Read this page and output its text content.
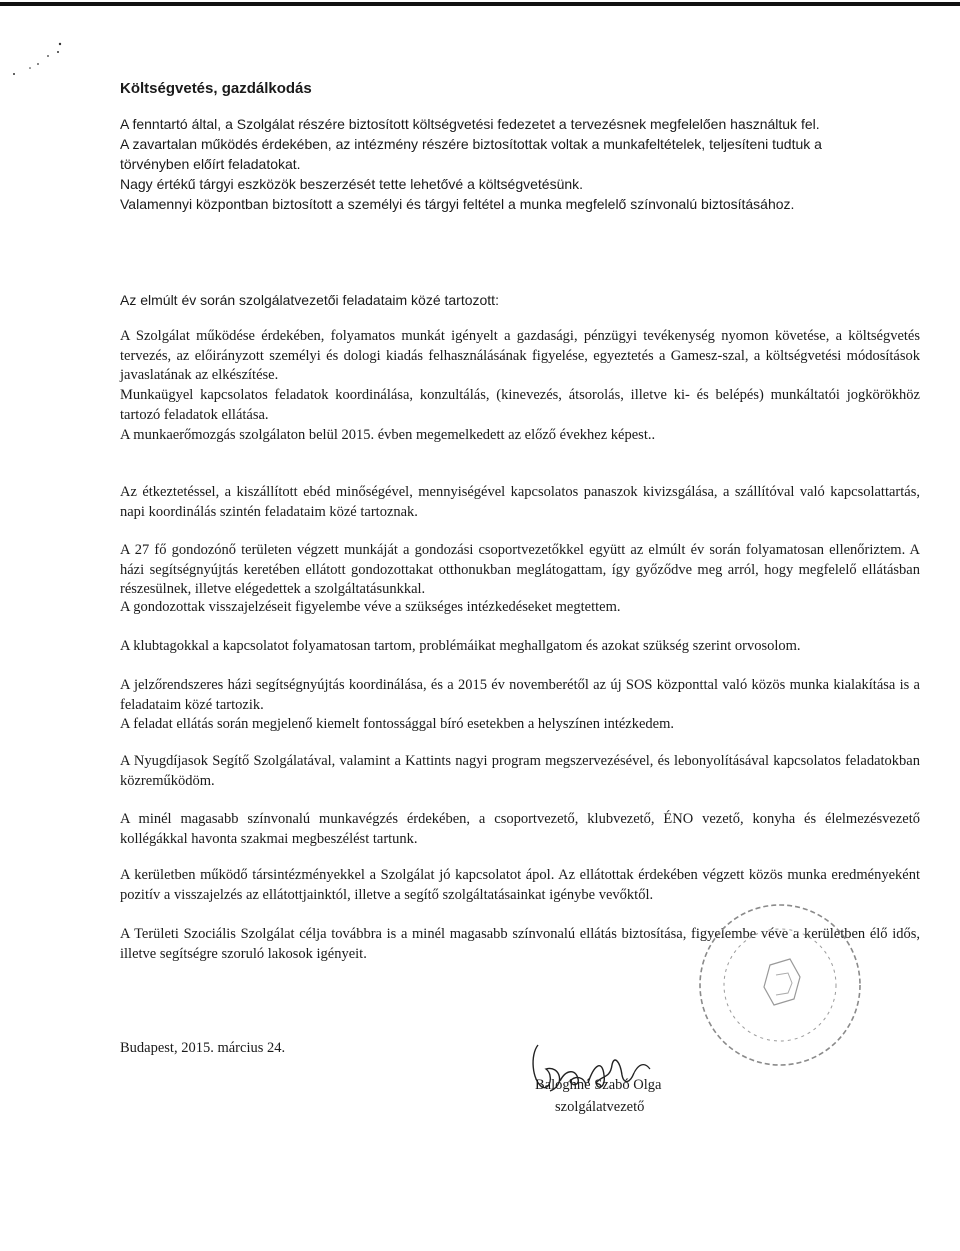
Költségvetés, gazdálkodás
A fenntartó által, a Szolgálat részére biztosított költségvetési fedezetet a tervezésnek megfelelően használtuk fel.
A zavartalan működés érdekében, az intézmény részére biztosítottak voltak a munkafeltételek, teljesíteni tudtuk a
törvényben előírt feladatokat.
Nagy értékű tárgyi eszközök beszerzését tette lehetővé a költségvetésünk.
Valamennyi központban biztosított a személyi és tárgyi feltétel a munka megfelelő színvonalú biztosításához.
Az elmúlt év során szolgálatvezetői feladataim közé tartozott:

A Szolgálat működése érdekében, folyamatos munkát igényelt a gazdasági, pénzügyi tevékenység nyomon követése, a költségvetés tervezés, az előirányzott személyi és dologi kiadás felhasználásának figyelése, egyeztetés a Gamesz-szal, a költségvetési módosítások javaslatának az elkészítése.

Munkaügyel kapcsolatos feladatok koordinálása, konzultálás, (kinevezés, átsorolás, illetve ki- és belépés) munkáltatói jogkörökhöz tartozó feladatok ellátása.

A munkaerőmozgás szolgálaton belül 2015. évben megemelkedett az előző évekhez képest..

Az étkeztetéssel, a kiszállított ebéd minőségével, mennyiségével kapcsolatos panaszok kivizsgálása, a szállítóval való kapcsolattartás, napi koordinálás szintén feladataim közé tartoznak.

A 27 fő gondozónő területen végzett munkáját a gondozási csoportvezetőkkel együtt az elmúlt év során folyamatosan ellenőriztem. A házi segítségnyújtás keretében ellátott gondozottakat otthonukban meglátogattam, így győződve meg arról, hogy megfelelő ellátásban részesülnek, illetve elégedettek a szolgáltatásunkkal.

A gondozottak visszajelzéseit figyelembe véve a szükséges intézkedéseket megtettem.

A klubtagokkal a kapcsolatot folyamatosan tartom, problémáikat meghallgatom és azokat szükség szerint orvosolom.

A jelzőrendszeres házi segítségnyújtás koordinálása, és a 2015 év novemberétől az új SOS központtal való közös munka kialakítása is a feladataim közé tartozik.

A feladat ellátás során megjelenő kiemelt fontossággal bíró esetekben a helyszínen intézkedem.

A Nyugdíjasok Segítő Szolgálatával, valamint a Kattints nagyi program megszervezésével, és lebonyolításával kapcsolatos feladatokban közreműködöm.

A minél magasabb színvonalú munkavégzés érdekében, a csoportvezető, klubvezető, ÉNO vezető, konyha és élelmezésvezető kollégákkal havonta szakmai megbeszélést tartunk.

A kerületben működő társintézményekkel a Szolgálat jó kapcsolatot ápol. Az ellátottak érdekében végzett közös munka eredményeként pozitív a visszajelzés az ellátottjainktól, illetve a segítő szolgáltatásainkat igénybe vevőktől.

A Területi Szociális Szolgálat célja továbbra is a minél magasabb színvonalú ellátás biztosítása, figyelembe véve a kerületben élő idős, illetve segítségre szoruló lakosok igényeit.

Budapest, 2015. március 24.
Baloghné Szabó Olga
szolgálatvezető
